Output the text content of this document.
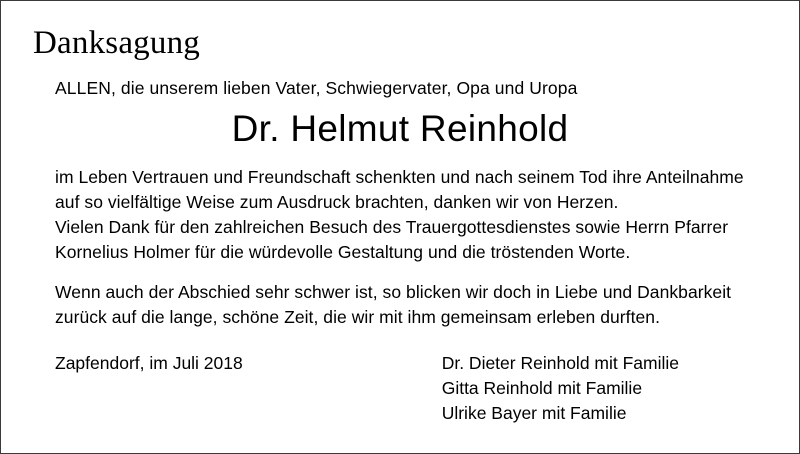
Danksagung
ALLEN, die unserem lieben Vater, Schwiegervater, Opa und Uropa
Dr. Helmut Reinhold
im Leben Vertrauen und Freundschaft schenkten und nach seinem Tod ihre Anteilnahme
auf so vielfältige Weise zum Ausdruck brachten, danken wir von Herzen.
Vielen Dank für den zahlreichen Besuch des Trauergottesdienstes sowie Herrn Pfarrer
Kornelius Holmer für die würdevolle Gestaltung und die tröstenden Worte.
Wenn auch der Abschied sehr schwer ist, so blicken wir doch in Liebe und Dankbarkeit
zurück auf die lange, schöne Zeit, die wir mit ihm gemeinsam erleben durften.
Zapfendorf, im Juli 2018	Dr. Dieter Reinhold mit Familie
Gitta Reinhold mit Familie
Ulrike Bayer mit Familie
